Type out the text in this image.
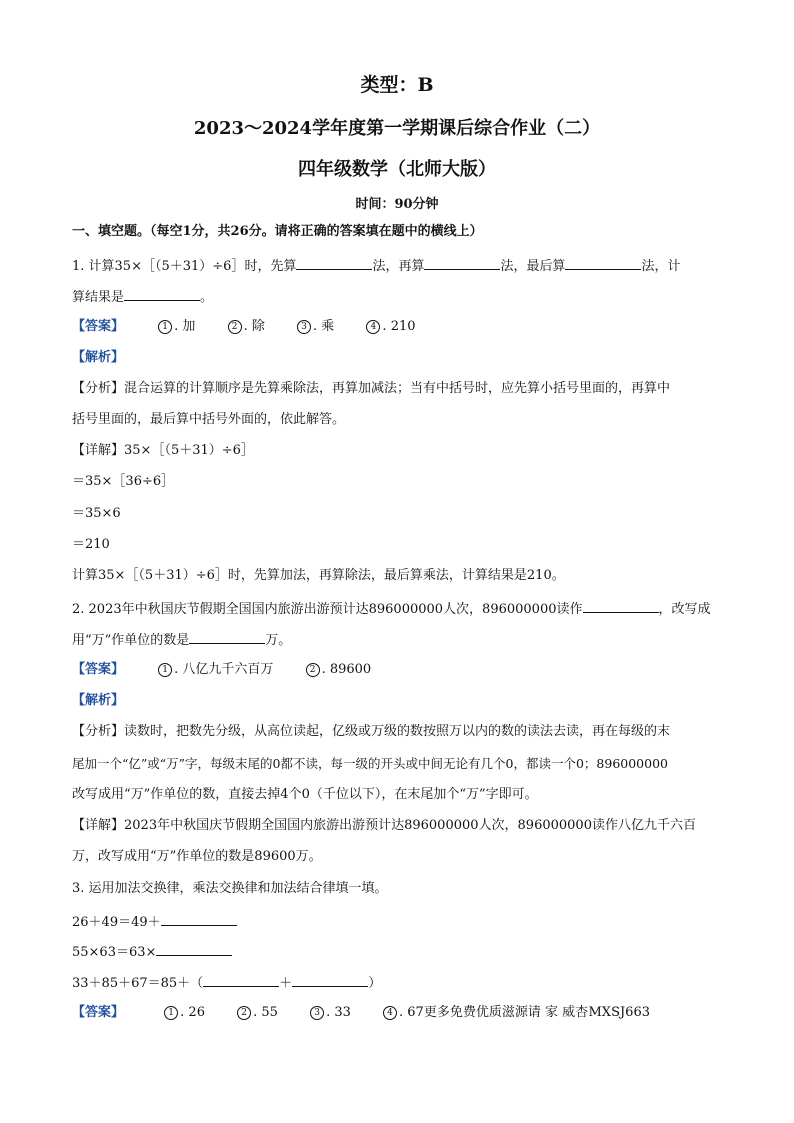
类型：B
2023～2024学年度第一学期课后综合作业（二）
四年级数学（北师大版）
时间：90分钟
一、填空题。（每空1分，共26分。请将正确的答案填在题中的横线上）
1. 计算35×［（5＋31）÷6］时，先算	法，再算	法，最后算	法，计
算结果是	。
【答案】	1 . 加	2 . 除	3 . 乘	4 . 210
【解析】
【分析】混合运算的计算顺序是先算乘除法，再算加减法；当有中括号时，应先算小括号里面的，再算中
括号里面的，最后算中括号外面的，依此解答。
【详解】35×［（5＋31）÷6］
＝35×［36÷6］
＝35×6
＝210
计算35×［（5＋31）÷6］时，先算加法，再算除法，最后算乘法，计算结果是210。
2. 2023年中秋国庆节假期全国国内旅游出游预计达896000000人次，896000000读作	，改写成
用“万”作单位的数是	万。
【答案】	1 . 八亿九千六百万	2 . 89600
【解析】
【分析】读数时，把数先分级，从高位读起，亿级或万级的数按照万以内的数的读法去读，再在每级的末
尾加一个“亿”或“万”字，每级末尾的0都不读，每一级的开头或中间无论有几个0，都读一个0；896000000
改写成用“万”作单位的数，直接去掉4个0（千位以下），在末尾加个“万”字即可。
【详解】2023年中秋国庆节假期全国国内旅游出游预计达896000000人次，896000000读作八亿九千六百
万，改写成用“万”作单位的数是89600万。
3. 运用加法交换律，乘法交换律和加法结合律填一填。
26＋49＝49＋
55×63＝63×
33＋85＋67＝85＋（	＋	）
【答案】	1 . 26	2 . 55	3 . 33	4 . 67更多免费优质滋源请 家 威杏 MXSJ663
